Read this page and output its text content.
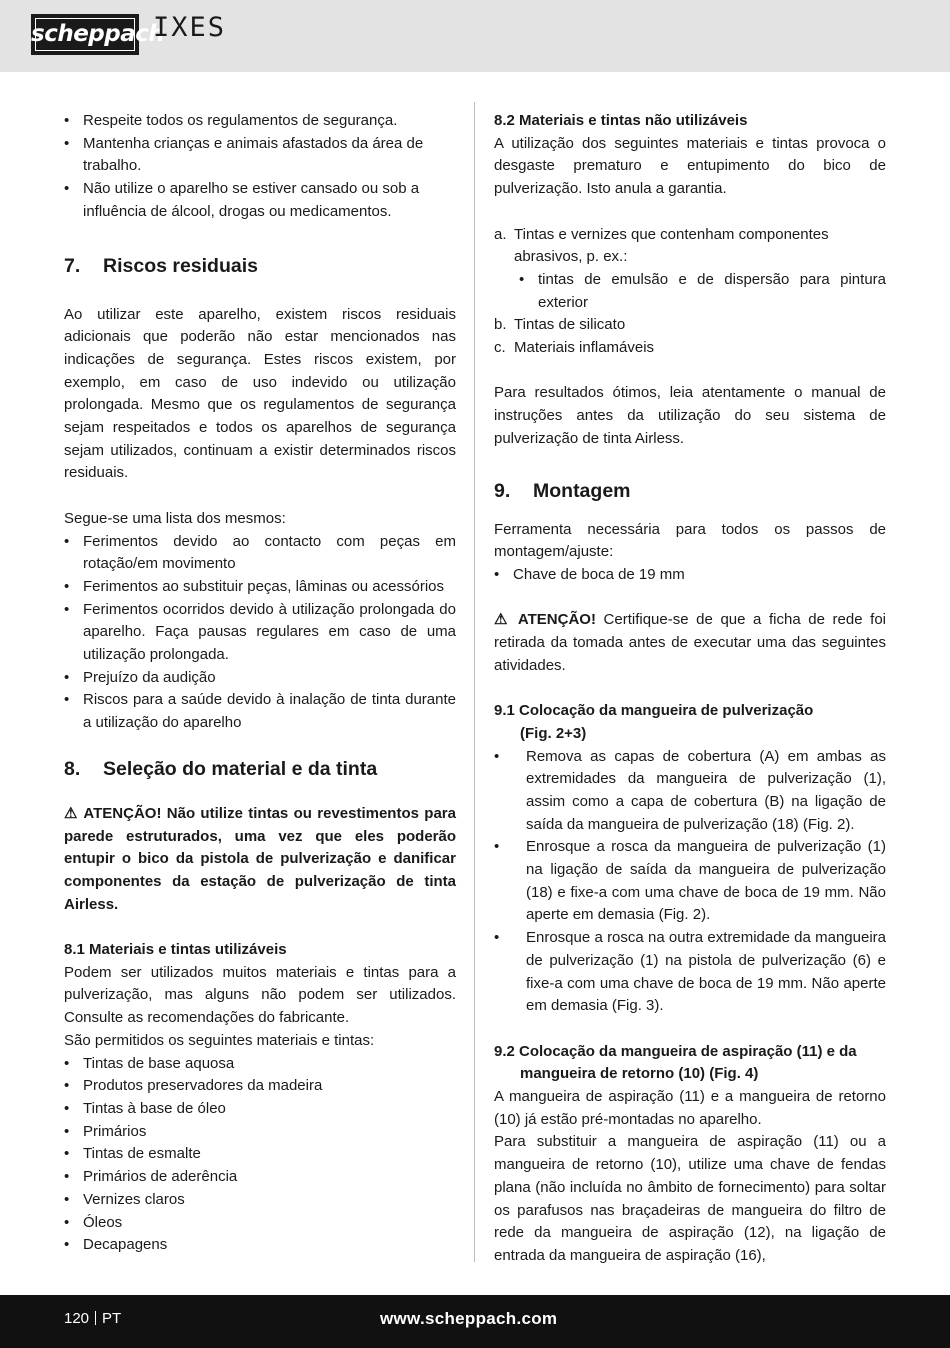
scheppach
IXES
• Respeite todos os regulamentos de segurança.
• Mantenha crianças e animais afastados da área de trabalho.
• Não utilize o aparelho se estiver cansado ou sob a influência de álcool, drogas ou medicamentos.
7.	Riscos residuais

Ao utilizar este aparelho, existem riscos residuais adicionais que poderão não estar mencionados nas indicações de segurança. Estes riscos existem, por exemplo, em caso de uso indevido ou utilização prolongada. Mesmo que os regulamentos de segurança sejam respeitados e todos os aparelhos de segurança sejam utilizados, continuam a existir determinados riscos residuais.

Segue-se uma lista dos mesmos:

• Ferimentos devido ao contacto com peças em rotação/em movimento
• Ferimentos ao substituir peças, lâminas ou acessórios
• Ferimentos ocorridos devido à utilização prolongada do aparelho. Faça pausas regulares em caso de uma utilização prolongada.
• Prejuízo da audição
• Riscos para a saúde devido à inalação de tinta durante a utilização do aparelho
8.	Seleção do material e da tinta

⚠ ATENÇÃO! Não utilize tintas ou revestimentos para parede estruturados, uma vez que eles poderão entupir o bico da pistola de pulverização e danificar componentes da estação de pulverização de tinta Airless.

8.1 Materiais e tintas utilizáveis

Podem ser utilizados muitos materiais e tintas para a pulverização, mas alguns não podem ser utilizados. Consulte as recomendações do fabricante.

São permitidos os seguintes materiais e tintas:

• Tintas de base aquosa
• Produtos preservadores da madeira
• Tintas à base de óleo
• Primários
• Tintas de esmalte
• Primários de aderência
• Vernizes claros
• Óleos
• Decapagens

8.2 Materiais e tintas não utilizáveis

A utilização dos seguintes materiais e tintas provoca o desgaste prematuro e entupimento do bico de pulverização. Isto anula a garantia.

a. Tintas e vernizes que contenham componentes abrasivos, p. ex.:
• tintas de emulsão e de dispersão para pintura exterior
b. Tintas de silicato
c. Materiais inflamáveis

Para resultados ótimos, leia atentamente o manual de instruções antes da utilização do seu sistema de pulverização de tinta Airless.

9.	Montagem

Ferramenta necessária para todos os passos de montagem/ajuste:

• Chave de boca de 19 mm

⚠ ATENÇÃO! Certifique-se de que a ficha de rede foi retirada da tomada antes de executar uma das seguintes atividades.

9.1 Colocação da mangueira de pulverização

(Fig. 2+3)

• Remova as capas de cobertura (A) em ambas as extremidades da mangueira de pulverização (1), assim como a capa de cobertura (B) na ligação de saída da mangueira de pulverização (18) (Fig. 2).
• Enrosque a rosca da mangueira de pulverização (1) na ligação de saída da mangueira de pulverização (18) e fixe-a com uma chave de boca de 19 mm. Não aperte em demasia (Fig. 2).
• Enrosque a rosca na outra extremidade da mangueira de pulverização (1) na pistola de pulverização (6) e fixe-a com uma chave de boca de 19 mm. Não aperte em demasia (Fig. 3).

9.2 Colocação da mangueira de aspiração (11) e da

mangueira de retorno (10) (Fig. 4)

A mangueira de aspiração (11) e a mangueira de retorno (10) já estão pré-montadas no aparelho.

Para substituir a mangueira de aspiração (11) ou a mangueira de retorno (10), utilize uma chave de fendas plana (não incluída no âmbito de fornecimento) para soltar os parafusos nas braçadeiras de mangueira do filtro de rede da mangueira de aspiração (12), na ligação de entrada da mangueira de aspiração (16),

120 PT	www.scheppach.com
